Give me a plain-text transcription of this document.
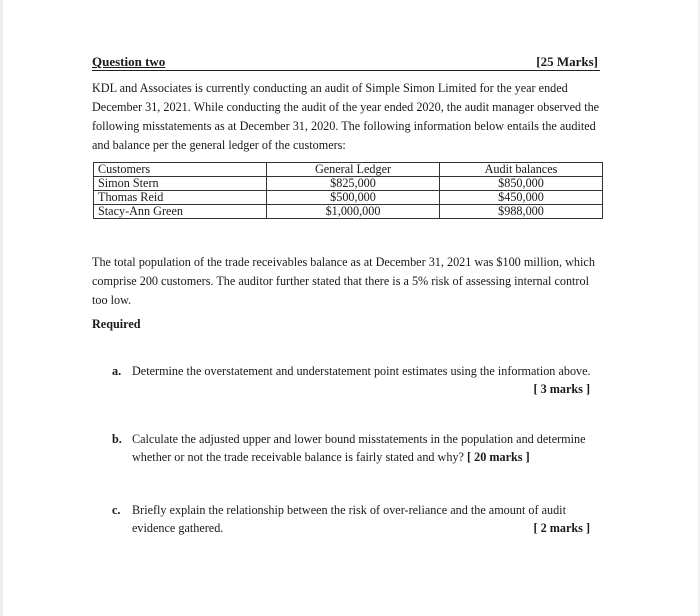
Question two	[25 Marks]
KDL and Associates is currently conducting an audit of Simple Simon Limited for the year ended December 31, 2021. While conducting the audit of the year ended 2020, the audit manager observed the following misstatements as at December 31, 2020. The following information below entails the audited and balance per the general ledger of the customers:
Customers	General Ledger	Audit balances
Simon Stern	$825,000	$850,000
Thomas Reid	$500,000	$450,000
Stacy-Ann Green	$1,000,000	$988,000
The total population of the trade receivables balance as at December 31, 2021 was $100 million, which comprise 200 customers. The auditor further stated that there is a 5% risk of assessing internal control too low.
Required
a. Determine the overstatement and understatement point estimates using the information above.
[ 3 marks ]
b. Calculate the adjusted upper and lower bound misstatements in the population and determine whether or not the trade receivable balance is fairly stated and why? [ 20 marks ]
c. Briefly explain the relationship between the risk of over-reliance and the amount of audit evidence gathered.	[ 2 marks ]
